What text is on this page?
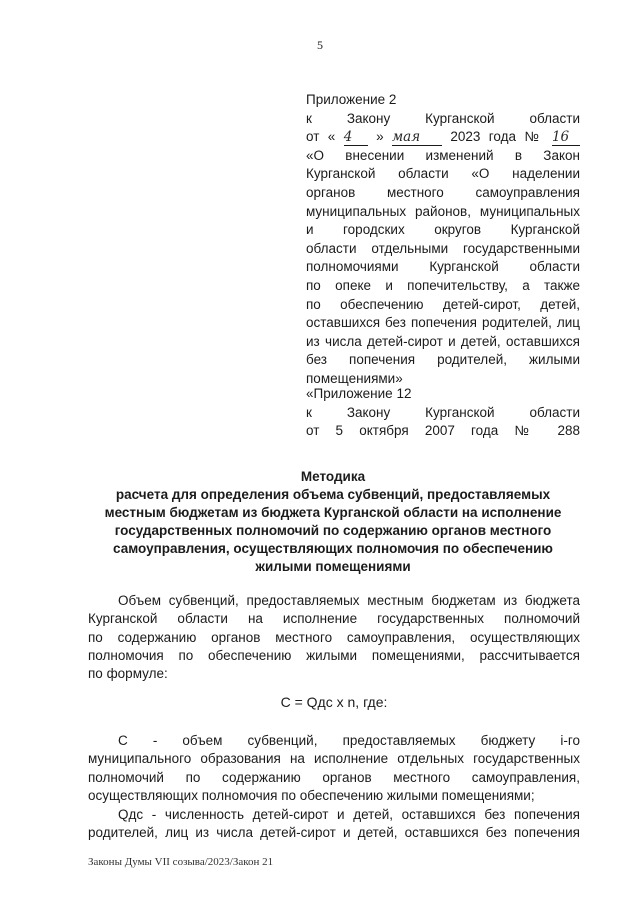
5
Приложение 2
к Закону Курганской области
от « 4 » мая 2023 года № 16
«О внесении изменений в Закон
Курганской области «О наделении
органов местного самоуправления
муниципальных районов, муниципальных
и городских округов Курганской
области отдельными государственными
полномочиями Курганской области
по опеке и попечительству, а также
по обеспечению детей-сирот, детей,
оставшихся без попечения родителей, лиц
из числа детей-сирот и детей, оставшихся
без попечения родителей, жилыми
помещениями»
«Приложение 12
к Закону Курганской области
от 5 октября 2007 года № 288
Методика
расчета для определения объема субвенций, предоставляемых
местным бюджетам из бюджета Курганской области на исполнение
государственных полномочий по содержанию органов местного
самоуправления, осуществляющих полномочия по обеспечению
жилыми помещениями
Объем субвенций, предоставляемых местным бюджетам из бюджета
Курганской области на исполнение государственных полномочий
по содержанию органов местного самоуправления, осуществляющих
полномочия по обеспечению жилыми помещениями, рассчитывается
по формуле:
C = Qдс x n, где:
С - объем субвенций, предоставляемых бюджету i-го
муниципального образования на исполнение отдельных государственных
полномочий по содержанию органов местного самоуправления,
осуществляющих полномочия по обеспечению жилыми помещениями;
Qдс - численность детей-сирот и детей, оставшихся без попечения
родителей, лиц из числа детей-сирот и детей, оставшихся без попечения
Законы Думы VII созыва/2023/Закон 21
